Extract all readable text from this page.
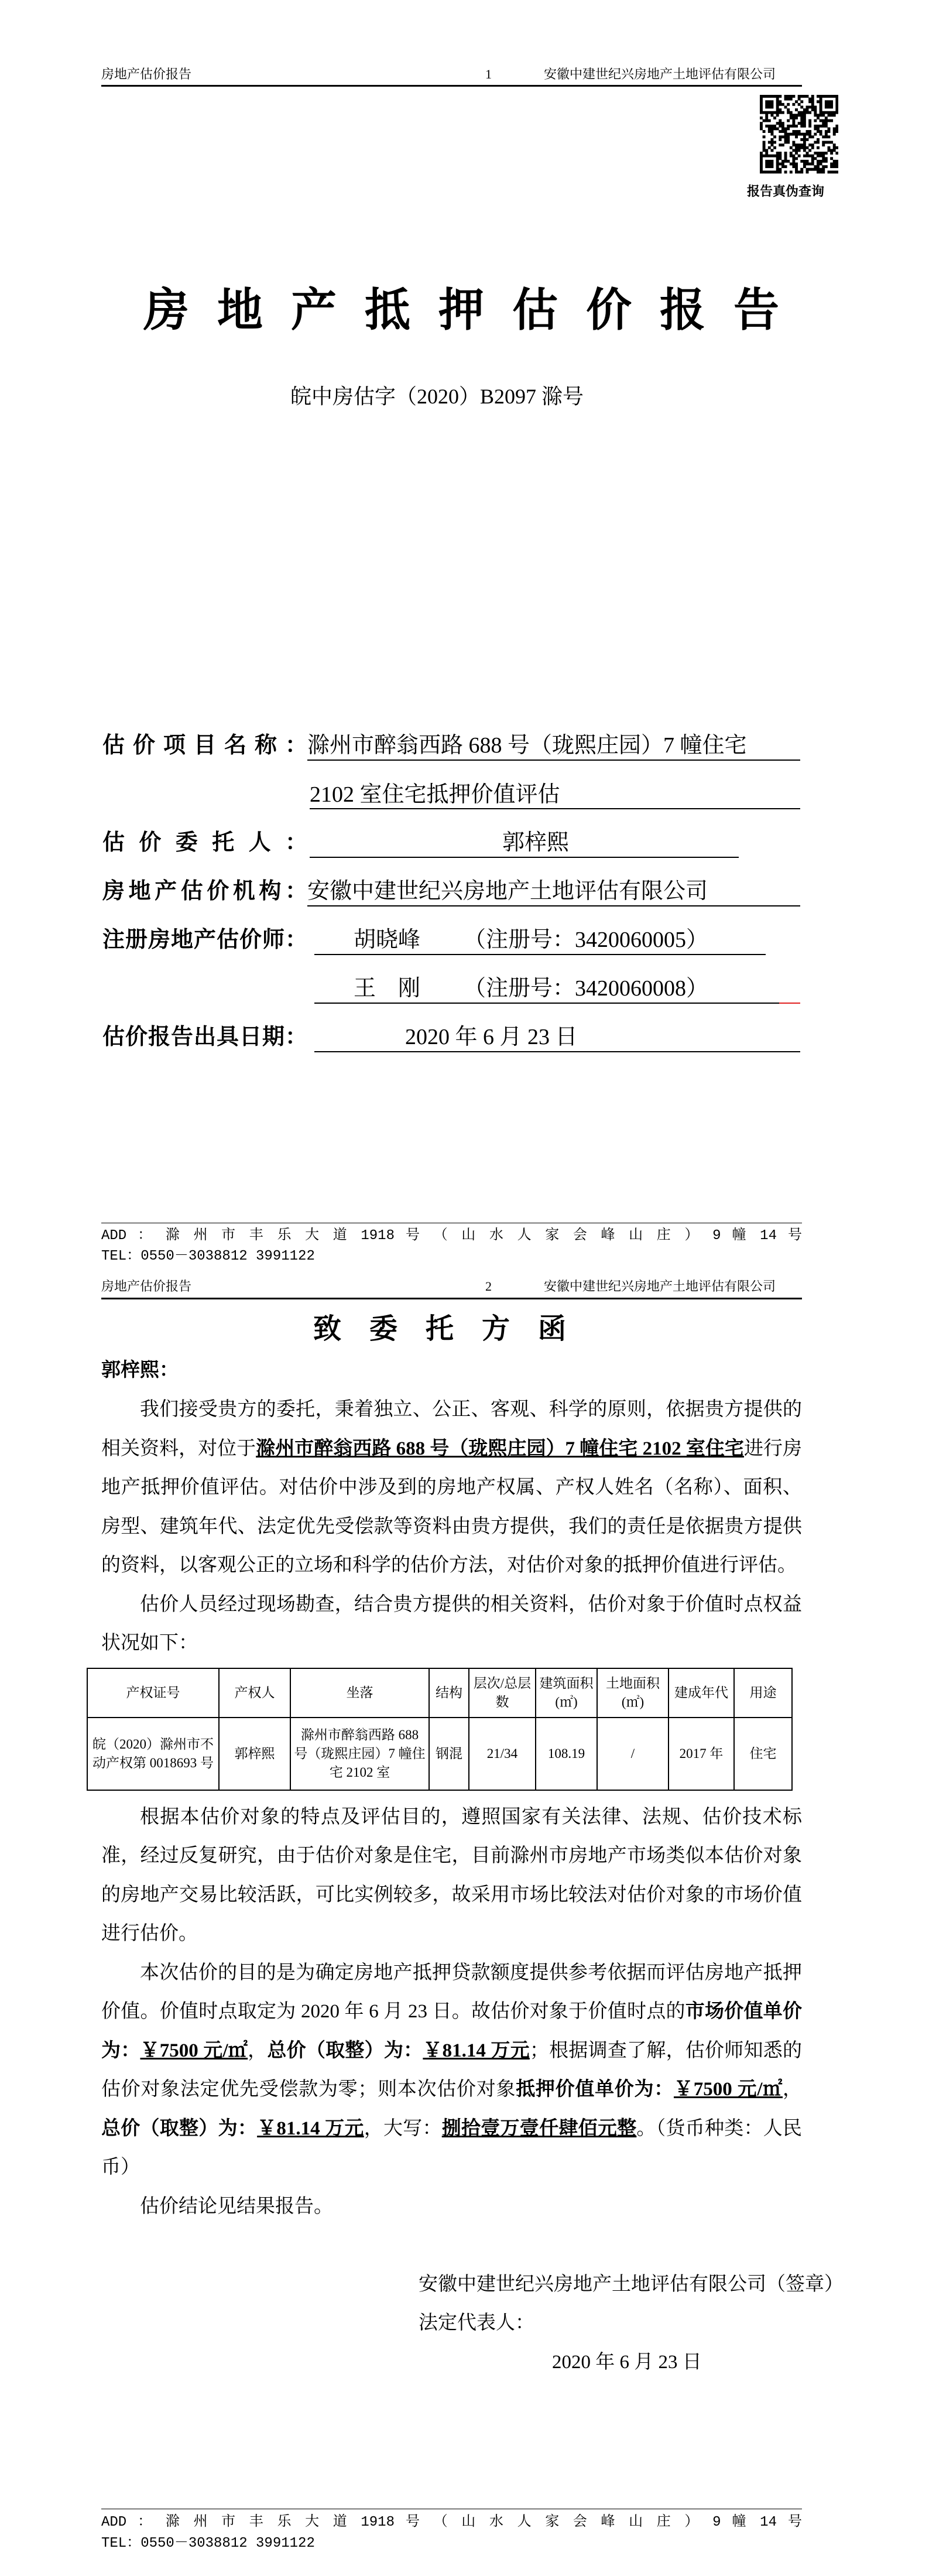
房地产估价报告	1	安徽中建世纪兴房地产土地评估有限公司
报告真伪查询
房地产抵押估价报告
皖中房估字（2020）B2097 滁号
估价项目名称： 滁州市醉翁西路 688 号（珑熙庄园）7 幢住宅
2102 室住宅抵押价值评估
估价委托人：	郭梓熙
房地产估价机构： 安徽中建世纪兴房地产土地评估有限公司
注册房地产估价师： 胡晓峰 （注册号：3420060005）
王　刚 （注册号：3420060008）
估价报告出具日期：	2020 年 6 月 23 日
ADD ： 滁 州 市 丰 乐 大 道 1918 号 （ 山 水 人 家 会 峰 山 庄 ） 9 幢 14 号
TEL：0550－3038812 3991122
房地产估价报告	2	安徽中建世纪兴房地产土地评估有限公司
致委托方函
郭梓熙：

我们接受贵方的委托，秉着独立、公正、客观、科学的原则，依据贵方提供的相关资料，对位于滁州市醉翁西路 688 号（珑熙庄园）7 幢住宅 2102 室住宅进行房地产抵押价值评估。对估价中涉及到的房地产权属、产权人姓名（名称）、面积、房型、建筑年代、法定优先受偿款等资料由贵方提供，我们的责任是依据贵方提供的资料，以客观公正的立场和科学的估价方法，对估价对象的抵押价值进行评估。

估价人员经过现场勘查，结合贵方提供的相关资料，估价对象于价值时点权益状况如下：

产权证号	产权人	坐落	结构	层次/总层数	建筑面积(㎡)	土地面积(㎡)	建成年代	用途
皖（2020）滁州市不动产权第 0018693 号	郭梓熙	滁州市醉翁西路 688 号（珑熙庄园）7 幢住宅 2102 室	钢混	21/34	108.19	/	2017 年	住宅

根据本估价对象的特点及评估目的，遵照国家有关法律、法规、估价技术标准，经过反复研究，由于估价对象是住宅，目前滁州市房地产市场类似本估价对象的房地产交易比较活跃，可比实例较多，故采用市场比较法对估价对象的市场价值进行估价。

本次估价的目的是为确定房地产抵押贷款额度提供参考依据而评估房地产抵押价值。价值时点取定为 2020 年 6 月 23 日。故估价对象于价值时点的市场价值单价为：￥7500 元/㎡，总价（取整）为：￥81.14 万元；根据调查了解，估价师知悉的估价对象法定优先受偿款为零；则本次估价对象抵押价值单价为：￥7500 元/㎡，总价（取整）为：￥81.14 万元，大写：捌拾壹万壹仟肆佰元整。（货币种类：人民币）

估价结论见结果报告。

安徽中建世纪兴房地产土地评估有限公司（签章）
法定代表人：
2020 年 6 月 23 日
ADD ： 滁 州 市 丰 乐 大 道 1918 号 （ 山 水 人 家 会 峰 山 庄 ） 9 幢 14 号
TEL：0550－3038812 3991122
